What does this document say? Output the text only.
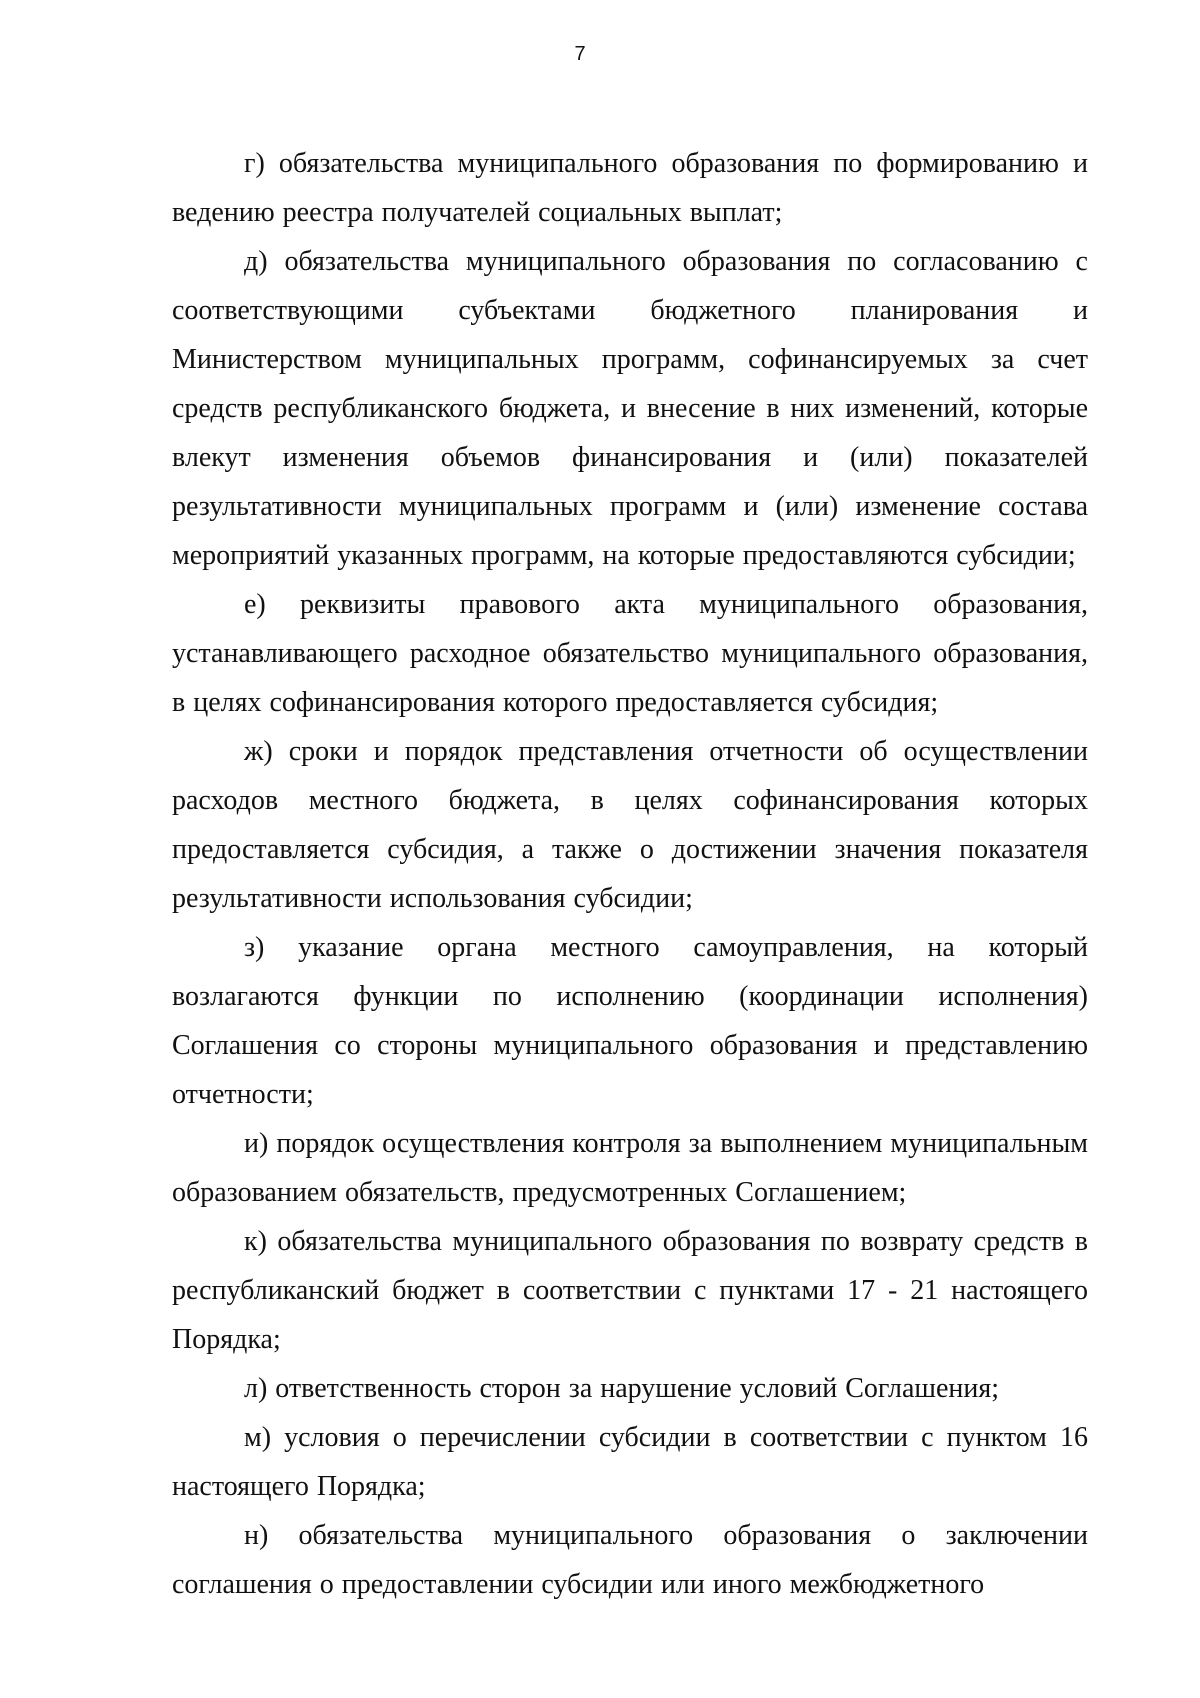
7

г) обязательства муниципального образования по формированию и ведению реестра получателей социальных выплат;

д) обязательства муниципального образования по согласованию с соответствующими субъектами бюджетного планирования и Министерством муниципальных программ, софинансируемых за счет средств республиканского бюджета, и внесение в них изменений, которые влекут изменения объемов финансирования и (или) показателей результативности муниципальных программ и (или) изменение состава мероприятий указанных программ, на которые предоставляются субсидии;

е) реквизиты правового акта муниципального образования, устанавливающего расходное обязательство муниципального образования, в целях софинансирования которого предоставляется субсидия;

ж) сроки и порядок представления отчетности об осуществлении расходов местного бюджета, в целях софинансирования которых предоставляется субсидия, а также о достижении значения показателя результативности использования субсидии;

з) указание органа местного самоуправления, на который возлагаются функции по исполнению (координации исполнения) Соглашения со стороны муниципального образования и представлению отчетности;

и) порядок осуществления контроля за выполнением муниципальным образованием обязательств, предусмотренных Соглашением;

к) обязательства муниципального образования по возврату средств в республиканский бюджет в соответствии с пунктами 17 - 21 настоящего Порядка;

л) ответственность сторон за нарушение условий Соглашения;

м) условия о перечислении субсидии в соответствии с пунктом 16 настоящего Порядка;

н) обязательства муниципального образования о заключении соглашения о предоставлении субсидии или иного межбюджетного
